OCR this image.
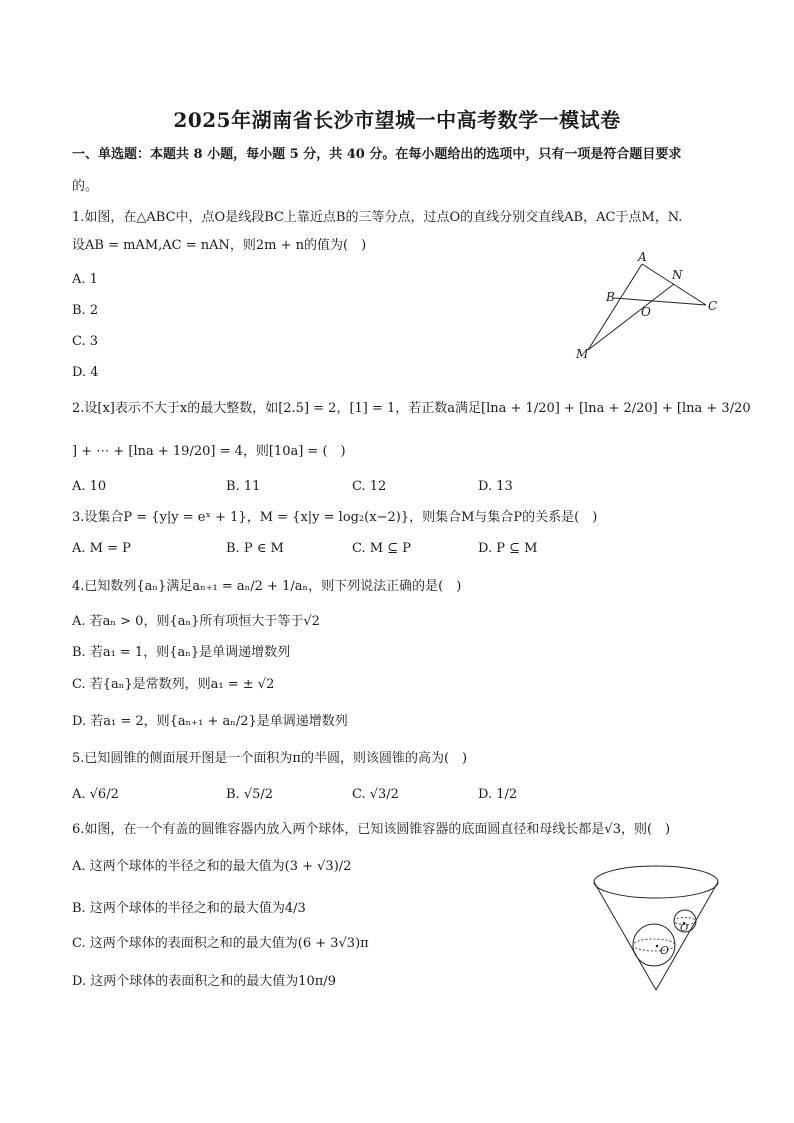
2025年湖南省长沙市望城一中高考数学一模试卷
一、单选题：本题共 8 小题，每小题 5 分，共 40 分。在每小题给出的选项中，只有一项是符合题目要求
的。
1.如图，在△ABC中，点O是线段BC上靠近点B的三等分点，过点O的直线分别交直线AB，AC于点M，N.
设AB = mAM,AC = nAN，则2m + n的值为(　)
A. 1
B. 2
C. 3
D. 4
A
N
B
O	C
M
2.设[x]表示不大于x的最大整数，如[2.5] = 2，[1] = 1，若正数a满足[lna + 1/20] + [lna + 2/20] + [lna + 3/20
] + ⋯ + [lna + 19/20] = 4，则[10a] = (　)
A. 10	B. 11	C. 12	D. 13
3.设集合P = {y|y = eˣ + 1}，M = {x|y = log₂(x−2)}，则集合M与集合P的关系是(　)
A. M = P	B. P ∈ M	C. M ⊆ P	D. P ⊆ M
4.已知数列{aₙ}满足aₙ₊₁ = aₙ/2 + 1/aₙ，则下列说法正确的是(　)
A. 若aₙ > 0，则{aₙ}所有项恒大于等于√2
B. 若a₁ = 1，则{aₙ}是单调递增数列
C. 若{aₙ}是常数列，则a₁ = ± √2
D. 若a₁ = 2，则{aₙ₊₁ + aₙ/2}是单调递增数列
5.已知圆锥的侧面展开图是一个面积为π的半圆，则该圆锥的高为(　)
A. √6/2	B. √5/2	C. √3/2	D. 1/2
6.如图，在一个有盖的圆锥容器内放入两个球体，已知该圆锥容器的底面圆直径和母线长都是√3，则(　)
A. 这两个球体的半径之和的最大值为(3 + √3)/2
B. 这两个球体的半径之和的最大值为4/3
C. 这两个球体的表面积之和的最大值为(6 + 3√3)π
D. 这两个球体的表面积之和的最大值为10π/9
O
O
